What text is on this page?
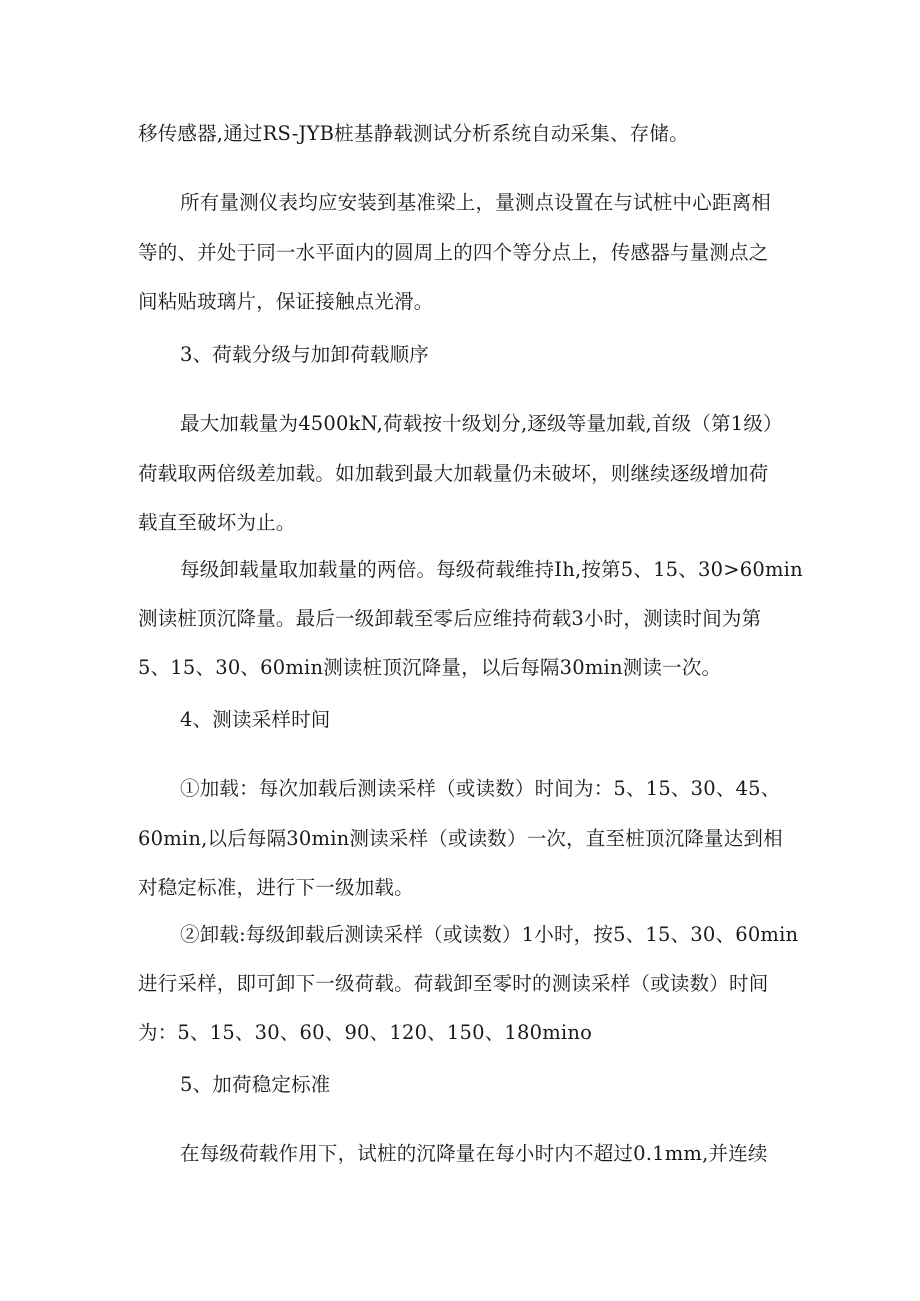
移传感器,通过RS-JYB桩基静载测试分析系统自动采集、存储。
所有量测仪表均应安装到基准梁上，量测点设置在与试桩中心距离相
等的、并处于同一水平面内的圆周上的四个等分点上，传感器与量测点之
间粘贴玻璃片，保证接触点光滑。
3、荷载分级与加卸荷载顺序
最大加载量为4500kN,荷载按十级划分,逐级等量加载,首级（第1级）
荷载取两倍级差加载。如加载到最大加载量仍未破坏，则继续逐级增加荷
载直至破坏为止。
每级卸载量取加载量的两倍。每级荷载维持Ih,按第5、15、30>60min
测读桩顶沉降量。最后一级卸载至零后应维持荷载3小时，测读时间为第
5、15、30、60min测读桩顶沉降量，以后每隔30min测读一次。
4、测读采样时间
①加载：每次加载后测读采样（或读数）时间为：5、15、30、45、
60min,以后每隔30min测读采样（或读数）一次，直至桩顶沉降量达到相
对稳定标准，进行下一级加载。
②卸载:每级卸载后测读采样（或读数）1小时，按5、15、30、60min
进行采样，即可卸下一级荷载。荷载卸至零时的测读采样（或读数）时间
为：5、15、30、60、90、120、150、180mino
5、加荷稳定标准
在每级荷载作用下，试桩的沉降量在每小时内不超过0.1mm,并连续
